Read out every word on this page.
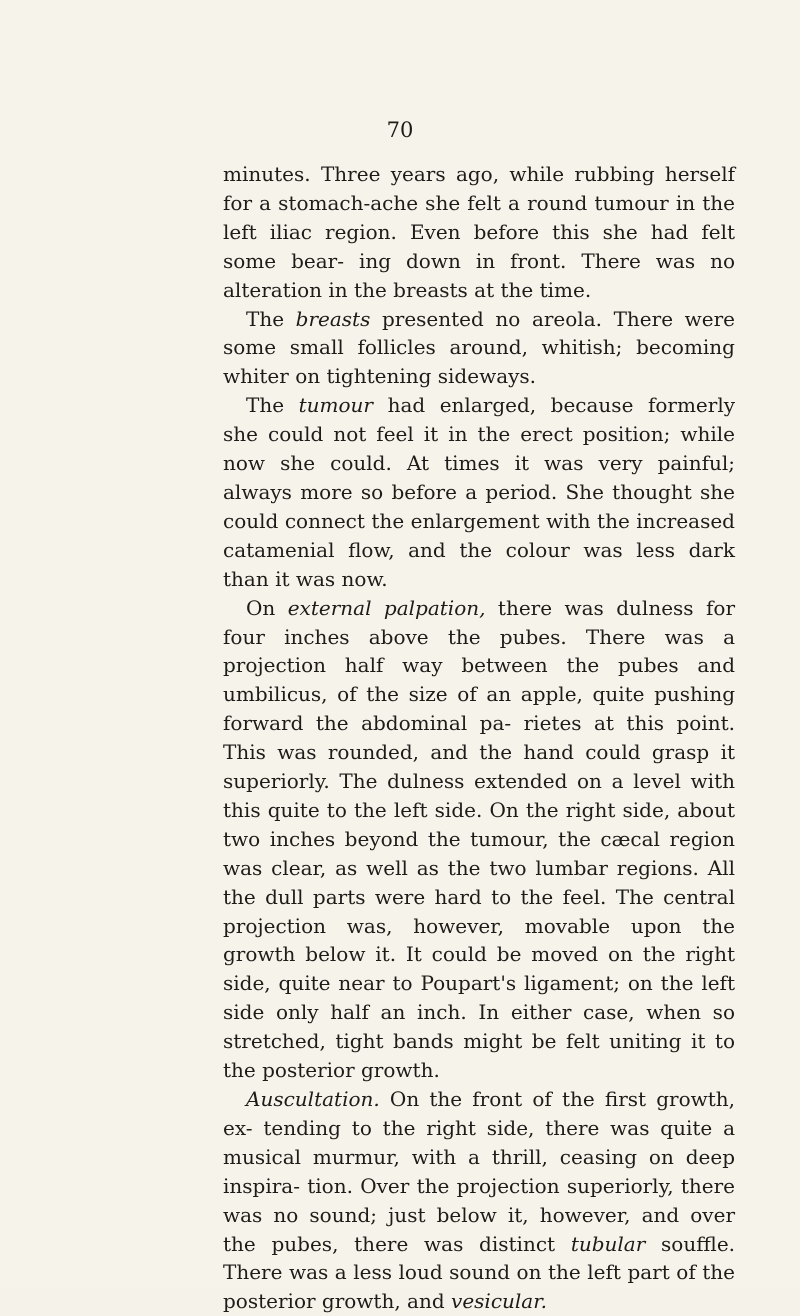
70

minutes. Three years ago, while rubbing herself for a stomach-ache she felt a round tumour in the left iliac region. Even before this she had felt some bear- ing down in front. There was no alteration in the breasts at the time.

The breasts presented no areola. There were some small follicles around, whitish; becoming whiter on tightening sideways.

The tumour had enlarged, because formerly she could not feel it in the erect position; while now she could. At times it was very painful; always more so before a period. She thought she could connect the enlargement with the increased catamenial flow, and the colour was less dark than it was now.

On external palpation, there was dulness for four inches above the pubes. There was a projection half way between the pubes and umbilicus, of the size of an apple, quite pushing forward the abdominal pa- rietes at this point. This was rounded, and the hand could grasp it superiorly. The dulness extended on a level with this quite to the left side. On the right side, about two inches beyond the tumour, the cæcal region was clear, as well as the two lumbar regions. All the dull parts were hard to the feel. The central projection was, however, movable upon the growth below it. It could be moved on the right side, quite near to Poupart's ligament; on the left side only half an inch. In either case, when so stretched, tight bands might be felt uniting it to the posterior growth.

Auscultation. On the front of the first growth, ex- tending to the right side, there was quite a musical murmur, with a thrill, ceasing on deep inspira- tion. Over the projection superiorly, there was no sound; just below it, however, and over the pubes, there was distinct tubular souffle. There was a less loud sound on the left part of the posterior growth, and vesicular.
